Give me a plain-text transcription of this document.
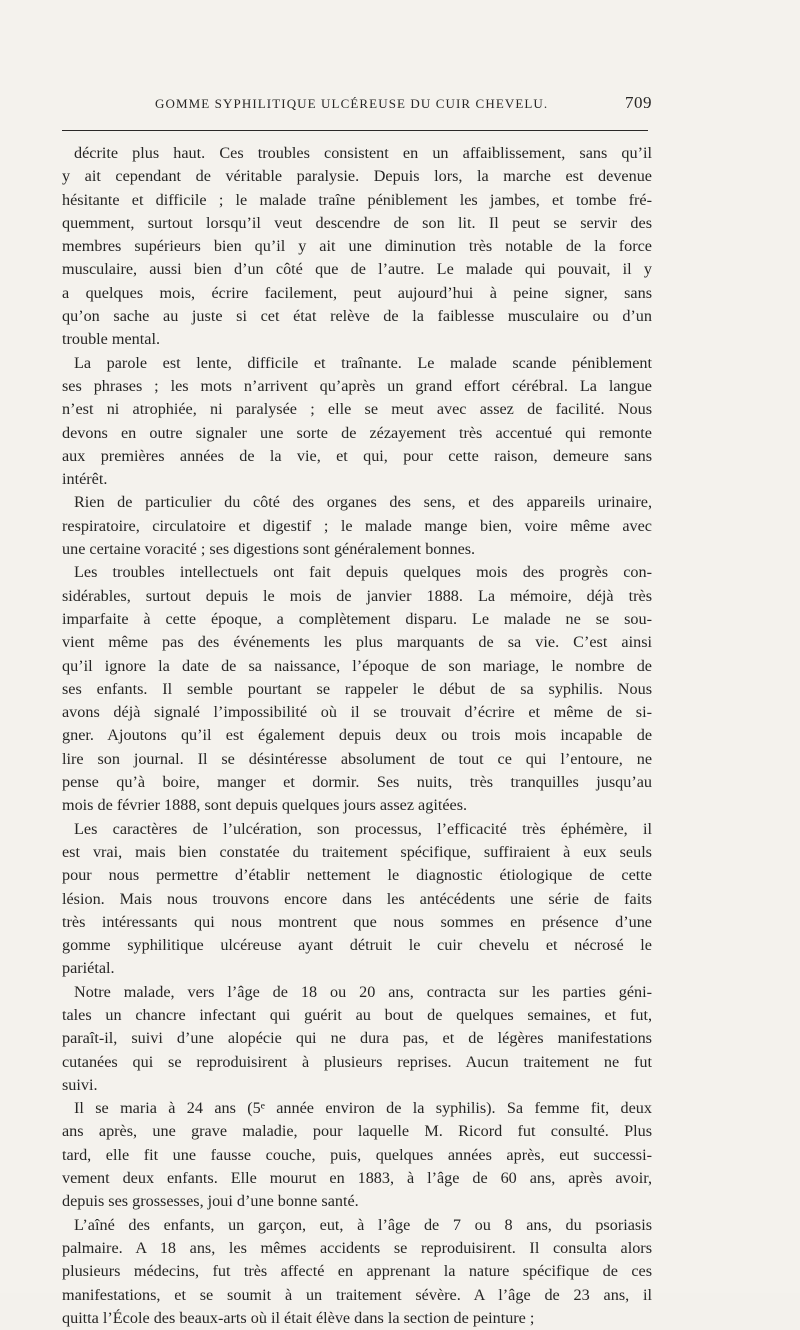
GOMME SYPHILITIQUE ULCÉREUSE DU CUIR CHEVELU.	709
décrite plus haut. Ces troubles consistent en un affaiblissement, sans qu’il
y ait cependant de véritable paralysie. Depuis lors, la marche est devenue
hésitante et difficile ; le malade traîne péniblement les jambes, et tombe fré-
quemment, surtout lorsqu’il veut descendre de son lit. Il peut se servir des
membres supérieurs bien qu’il y ait une diminution très notable de la force
musculaire, aussi bien d’un côté que de l’autre. Le malade qui pouvait, il y
a quelques mois, écrire facilement, peut aujourd’hui à peine signer, sans
qu’on sache au juste si cet état relève de la faiblesse musculaire ou d’un
trouble mental.
La parole est lente, difficile et traînante. Le malade scande péniblement
ses phrases ; les mots n’arrivent qu’après un grand effort cérébral. La langue
n’est ni atrophiée, ni paralysée ; elle se meut avec assez de facilité. Nous
devons en outre signaler une sorte de zézayement très accentué qui remonte
aux premières années de la vie, et qui, pour cette raison, demeure sans
intérêt.
Rien de particulier du côté des organes des sens, et des appareils urinaire,
respiratoire, circulatoire et digestif ; le malade mange bien, voire même avec
une certaine voracité ; ses digestions sont généralement bonnes.
Les troubles intellectuels ont fait depuis quelques mois des progrès con-
sidérables, surtout depuis le mois de janvier 1888. La mémoire, déjà très
imparfaite à cette époque, a complètement disparu. Le malade ne se sou-
vient même pas des événements les plus marquants de sa vie. C’est ainsi
qu’il ignore la date de sa naissance, l’époque de son mariage, le nombre de
ses enfants. Il semble pourtant se rappeler le début de sa syphilis. Nous
avons déjà signalé l’impossibilité où il se trouvait d’écrire et même de si-
gner. Ajoutons qu’il est également depuis deux ou trois mois incapable de
lire son journal. Il se désintéresse absolument de tout ce qui l’entoure, ne
pense qu’à boire, manger et dormir. Ses nuits, très tranquilles jusqu’au
mois de février 1888, sont depuis quelques jours assez agitées.
Les caractères de l’ulcération, son processus, l’efficacité très éphémère, il
est vrai, mais bien constatée du traitement spécifique, suffiraient à eux seuls
pour nous permettre d’établir nettement le diagnostic étiologique de cette
lésion. Mais nous trouvons encore dans les antécédents une série de faits
très intéressants qui nous montrent que nous sommes en présence d’une
gomme syphilitique ulcéreuse ayant détruit le cuir chevelu et nécrosé le
pariétal.
Notre malade, vers l’âge de 18 ou 20 ans, contracta sur les parties géni-
tales un chancre infectant qui guérit au bout de quelques semaines, et fut,
paraît-il, suivi d’une alopécie qui ne dura pas, et de légères manifestations
cutanées qui se reproduisirent à plusieurs reprises. Aucun traitement ne fut
suivi.
Il se maria à 24 ans (5ᵉ année environ de la syphilis). Sa femme fit, deux
ans après, une grave maladie, pour laquelle M. Ricord fut consulté. Plus
tard, elle fit une fausse couche, puis, quelques années après, eut successi-
vement deux enfants. Elle mourut en 1883, à l’âge de 60 ans, après avoir,
depuis ses grossesses, joui d’une bonne santé.
L’aîné des enfants, un garçon, eut, à l’âge de 7 ou 8 ans, du psoriasis
palmaire. A 18 ans, les mêmes accidents se reproduisirent. Il consulta alors
plusieurs médecins, fut très affecté en apprenant la nature spécifique de ces
manifestations, et se soumit à un traitement sévère. A l’âge de 23 ans, il
quitta l’École des beaux-arts où il était élève dans la section de peinture ;
